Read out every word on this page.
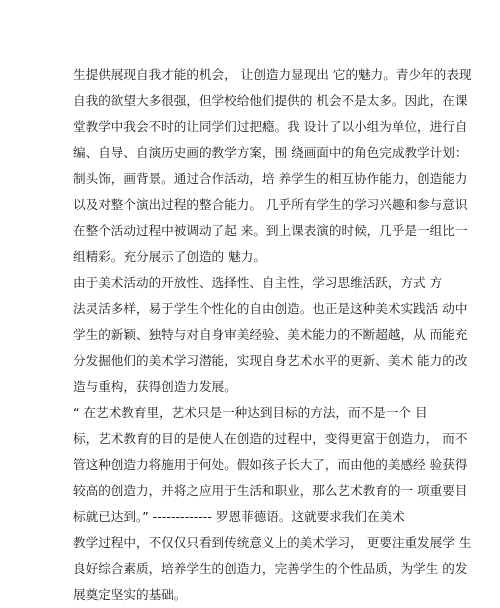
生提供展现自我才能的机会， 让创造力显现出 它的魅力。青少年的表现
自我的欲望大多很强，但学校给他们提供的 机会不是太多。因此，在课
堂教学中我会不时的让同学们过把瘾。我 设计了以小组为单位，进行自
编、自导、自演历史画的教学方案，围 绕画面中的角色完成教学计划：
制头饰，画背景。通过合作活动，培 养学生的相互协作能力，创造能力
以及对整个演出过程的整合能力。 几乎所有学生的学习兴趣和参与意识
在整个活动过程中被调动了起 来。到上课表演的时候，几乎是一组比一
组精彩。充分展示了创造的 魅力。
由于美术活动的开放性、选择性、自主性，学习思维活跃，方式 方
法灵活多样，易于学生个性化的自由创造。也正是这种美术实践活 动中
学生的新颖、独特与对自身审美经验、美术能力的不断超越，从 而能充
分发掘他们的美术学习潜能，实现自身艺术水平的更新、美术 能力的改
造与重构，获得创造力发展。
“ 在艺术教育里，艺术只是一种达到目标的方法，而不是一个 目
标，艺术教育的目的是使人在创造的过程中，变得更富于创造力， 而不
管这种创造力将施用于何处。假如孩子长大了，而由他的美感经 验获得
较高的创造力，并将之应用于生活和职业，那么艺术教育的一 项重要目
标就已达到。” ------------- 罗恩菲德语。这就要求我们在美术
教学过程中，不仅仅只看到传统意义上的美术学习， 更要注重发展学 生
良好综合素质，培养学生的创造力，完善学生的个性品质，为学生 的发
展奠定坚实的基础。
